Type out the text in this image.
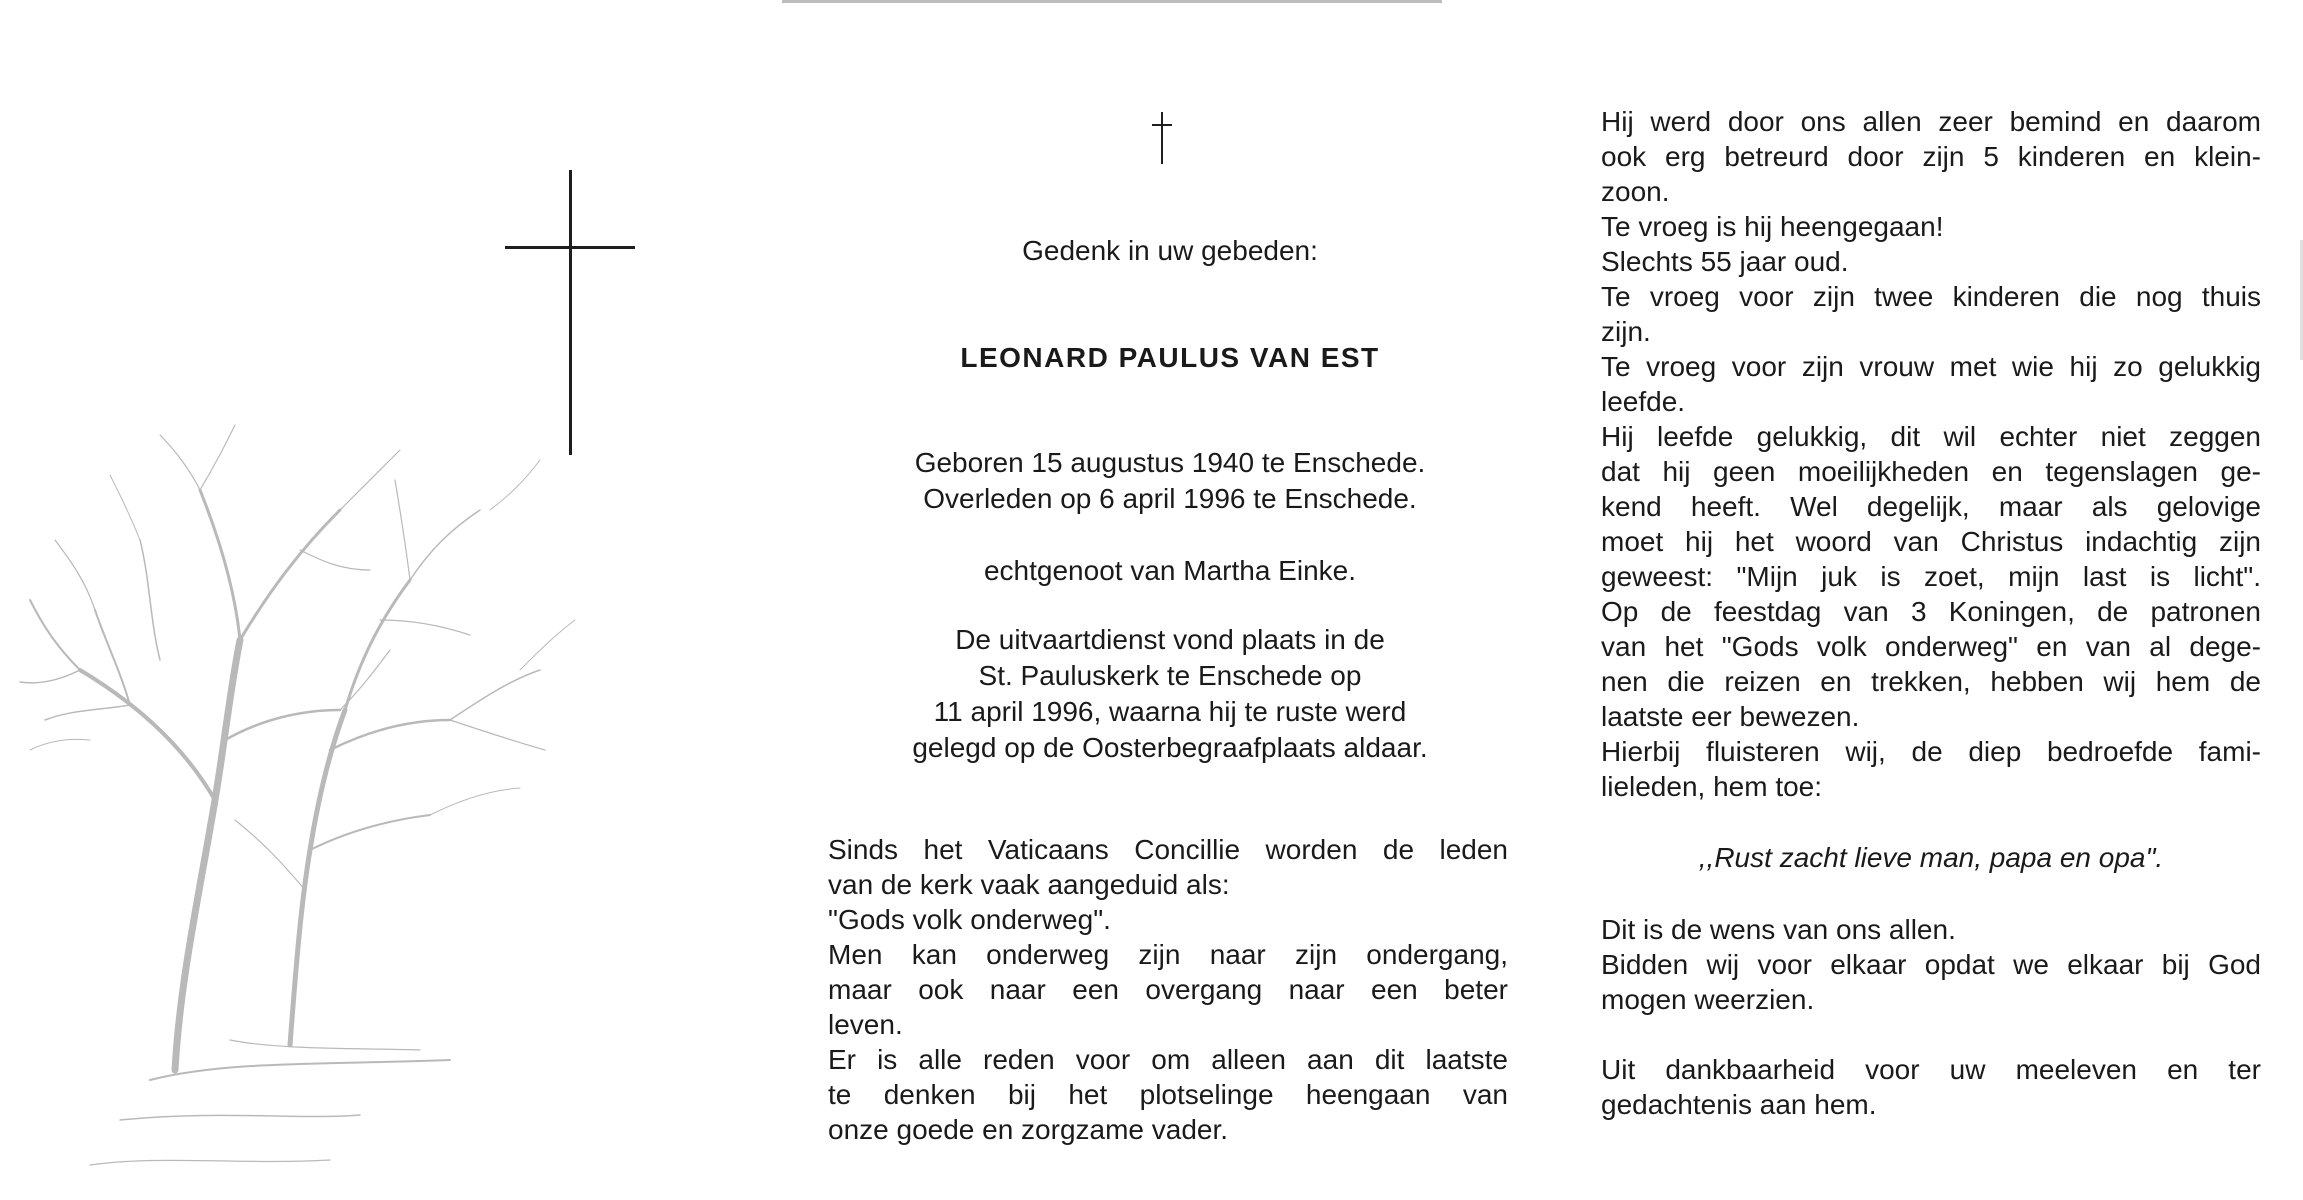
Gedenk in uw gebeden:
LEONARD PAULUS VAN EST
Geboren 15 augustus 1940 te Enschede.
Overleden op 6 april 1996 te Enschede.
echtgenoot van Martha Einke.
De uitvaartdienst vond plaats in de
St. Pauluskerk te Enschede op
11 april 1996, waarna hij te ruste werd
gelegd op de Oosterbegraafplaats aldaar.
Sinds het Vaticaans Concillie worden de leden
van de kerk vaak aangeduid als:
"Gods volk onderweg".
Men kan onderweg zijn naar zijn ondergang,
maar ook naar een overgang naar een beter
leven.
Er is alle reden voor om alleen aan dit laatste
te denken bij het plotselinge heengaan van
onze goede en zorgzame vader.
Hij werd door ons allen zeer bemind en daarom
ook erg betreurd door zijn 5 kinderen en klein-
zoon.
Te vroeg is hij heengegaan!
Slechts 55 jaar oud.
Te vroeg voor zijn twee kinderen die nog thuis
zijn.
Te vroeg voor zijn vrouw met wie hij zo gelukkig
leefde.
Hij leefde gelukkig, dit wil echter niet zeggen
dat hij geen moeilijkheden en tegenslagen ge-
kend heeft. Wel degelijk, maar als gelovige
moet hij het woord van Christus indachtig zijn
geweest: "Mijn juk is zoet, mijn last is licht".
Op de feestdag van 3 Koningen, de patronen
van het "Gods volk onderweg" en van al dege-
nen die reizen en trekken, hebben wij hem de
laatste eer bewezen.
Hierbij fluisteren wij, de diep bedroefde fami-
lieleden, hem toe:
,,Rust zacht lieve man, papa en opa".
Dit is de wens van ons allen.
Bidden wij voor elkaar opdat we elkaar bij God
mogen weerzien.
Uit dankbaarheid voor uw meeleven en ter
gedachtenis aan hem.
